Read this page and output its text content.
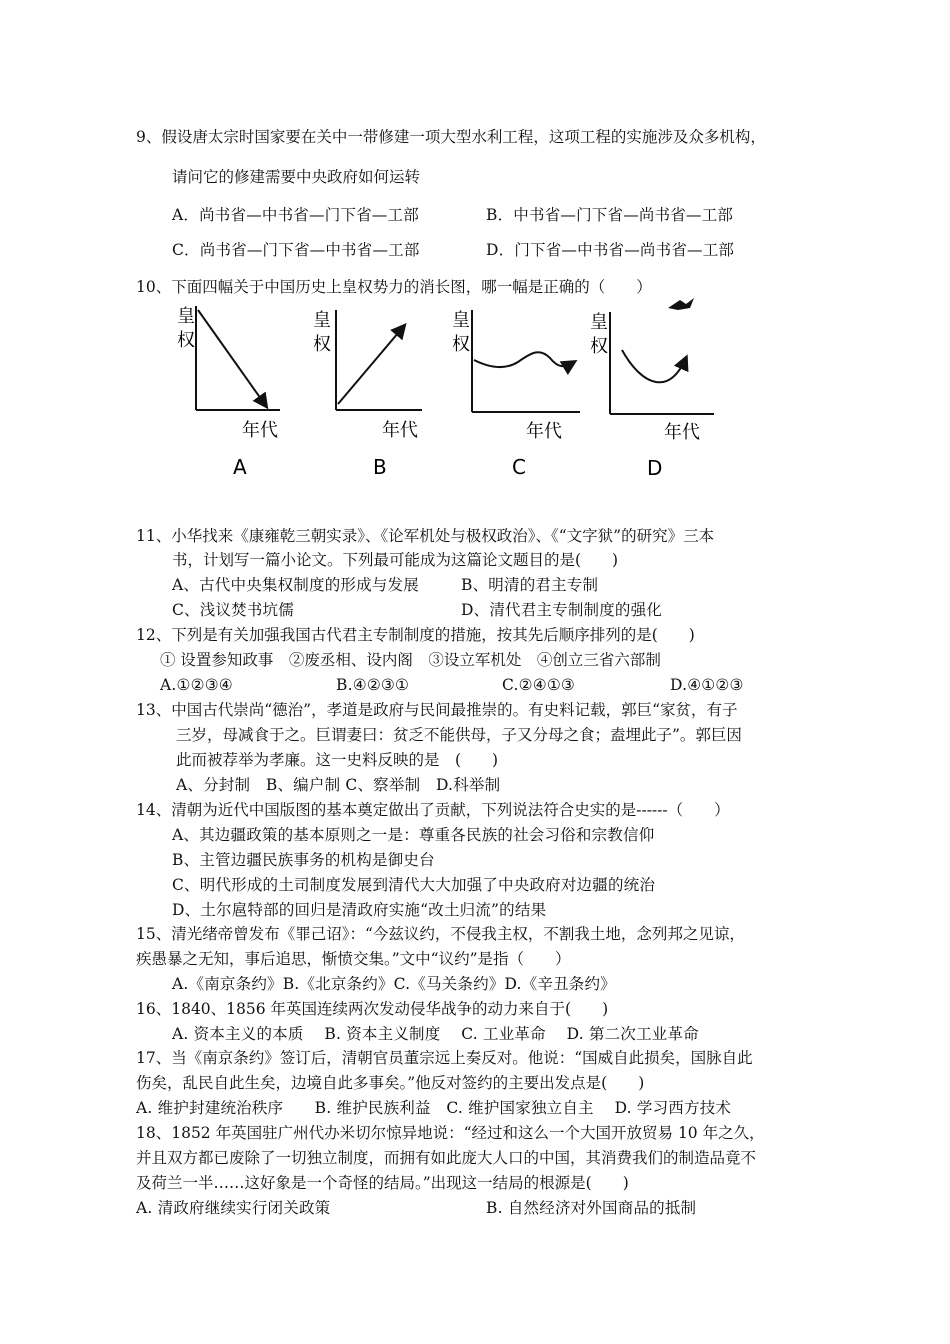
9、假设唐太宗时国家要在关中一带修建一项大型水利工程，这项工程的实施涉及众多机构，
请问它的修建需要中央政府如何运转
A．尚书省—中书省—门下省—工部	B．中书省—门下省—尚书省—工部
C．尚书省—门下省—中书省—工部	D．门下省—中书省—尚书省—工部
10、下面四幅关于中国历史上皇权势力的消长图，哪一幅是正确的（　　）
皇
权
年代
A
皇
权
年代
B
皇
权
年代
C
皇
权
年代
D
11、小华找来《康雍乾三朝实录》、《论军机处与极权政治》、《“文字狱”的研究》三本
书，计划写一篇小论文。下列最可能成为这篇论文题目的是(　　)
A、古代中央集权制度的形成与发展	B、明清的君主专制
C、浅议焚书坑儒	D、清代君主专制制度的强化
12、下列是有关加强我国古代君主专制制度的措施，按其先后顺序排列的是(　　)
① 设置参知政事　②废丞相、设内阁　③设立军机处　④创立三省六部制
A.①②③④	B.④②③①	C.②④①③	D.④①②③
13、中国古代崇尚“德治”，孝道是政府与民间最推崇的。有史料记载，郭巨“家贫，有子
三岁，母减食于之。巨谓妻曰：贫乏不能供母，子又分母之食；盍埋此子”。郭巨因
此而被荐举为孝廉。这一史料反映的是　(　　)
A、分封制　B、编户制 C、察举制　D.科举制
14、清朝为近代中国版图的基本奠定做出了贡献，下列说法符合史实的是------（　　）
A、其边疆政策的基本原则之一是：尊重各民族的社会习俗和宗教信仰
B、主管边疆民族事务的机构是御史台
C、明代形成的土司制度发展到清代大大加强了中央政府对边疆的统治
D、土尔扈特部的回归是清政府实施“改土归流”的结果
15、清光绪帝曾发布《罪己诏》：“今兹议约，不侵我主权，不割我土地，念列邦之见谅，
疾愚暴之无知，事后追思，惭愤交集。”文中“议约”是指（　　）
A.《南京条约》B.《北京条约》C.《马关条约》D.《辛丑条约》
16、1840、1856 年英国连续两次发动侵华战争的动力来自于(　　)
A. 资本主义的本质　 B. 资本主义制度　 C. 工业革命　 D. 第二次工业革命
17、当《南京条约》签订后，清朝官员董宗远上奏反对。他说：“国威自此损矣，国脉自此
伤矣，乱民自此生矣，边境自此多事矣。”他反对签约的主要出发点是(　　)
A. 维护封建统治秩序　　B. 维护民族利益　C. 维护国家独立自主　 D. 学习西方技术
18、1852 年英国驻广州代办米切尔惊异地说：“经过和这么一个大国开放贸易 10 年之久，
并且双方都已废除了一切独立制度，而拥有如此庞大人口的中国，其消费我们的制造品竟不
及荷兰一半……这好象是一个奇怪的结局。”出现这一结局的根源是(　　)
A. 清政府继续实行闭关政策	B. 自然经济对外国商品的抵制
